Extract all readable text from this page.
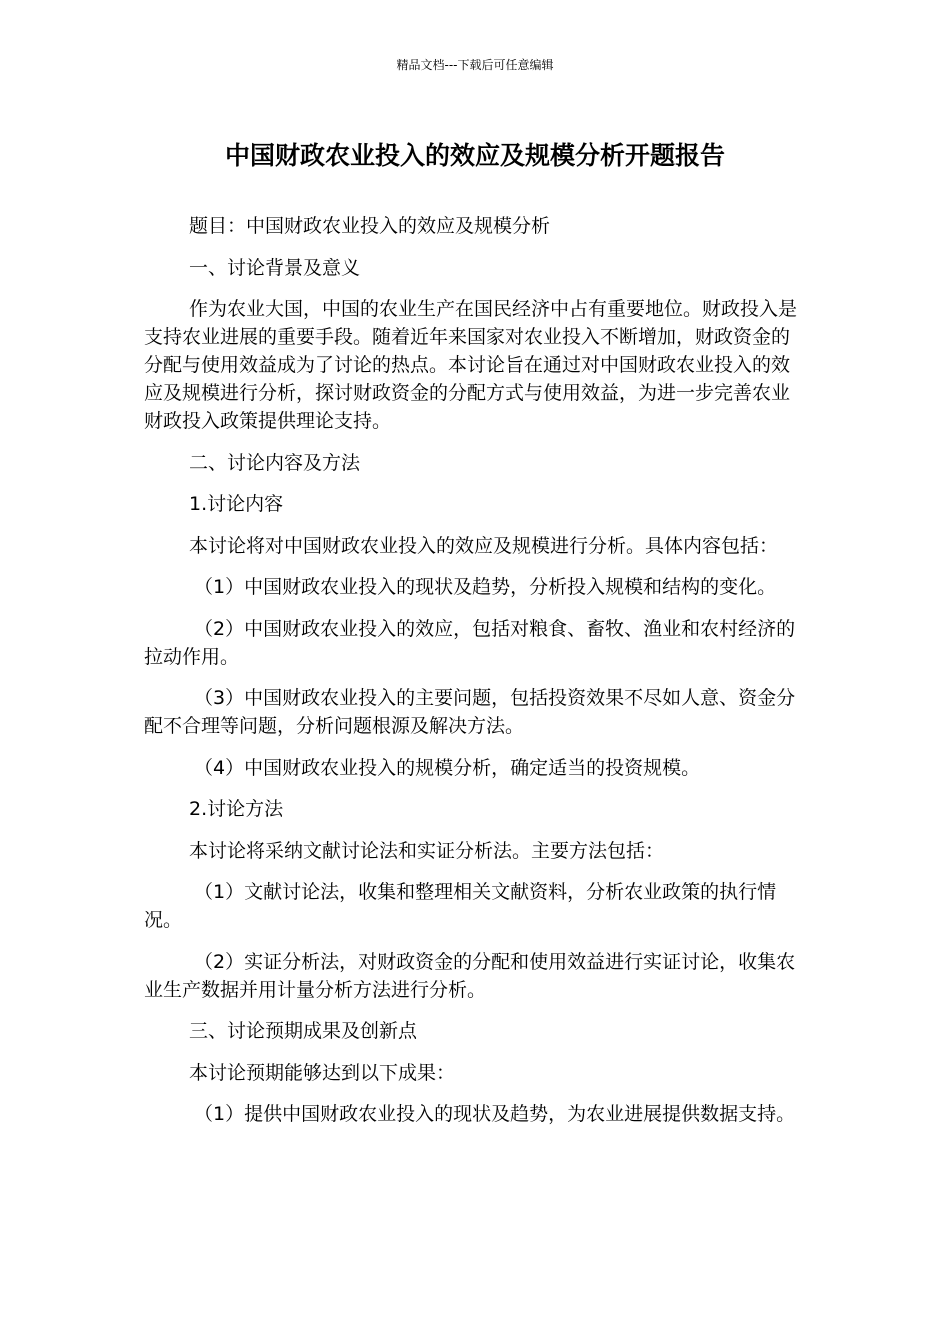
精品文档---下载后可任意编辑
中国财政农业投入的效应及规模分析开题报告

题目：中国财政农业投入的效应及规模分析

一、讨论背景及意义

作为农业大国，中国的农业生产在国民经济中占有重要地位。财政投入是支持农业进展的重要手段。随着近年来国家对农业投入不断增加，财政资金的分配与使用效益成为了讨论的热点。本讨论旨在通过对中国财政农业投入的效应及规模进行分析，探讨财政资金的分配方式与使用效益，为进一步完善农业财政投入政策提供理论支持。

二、讨论内容及方法

1.讨论内容

本讨论将对中国财政农业投入的效应及规模进行分析。具体内容包括：

（1）中国财政农业投入的现状及趋势，分析投入规模和结构的变化。

（2）中国财政农业投入的效应，包括对粮食、畜牧、渔业和农村经济的拉动作用。

（3）中国财政农业投入的主要问题，包括投资效果不尽如人意、资金分配不合理等问题，分析问题根源及解决方法。

（4）中国财政农业投入的规模分析，确定适当的投资规模。

2.讨论方法

本讨论将采纳文献讨论法和实证分析法。主要方法包括：

（1）文献讨论法，收集和整理相关文献资料，分析农业政策的执行情况。

（2）实证分析法，对财政资金的分配和使用效益进行实证讨论，收集农业生产数据并用计量分析方法进行分析。

三、讨论预期成果及创新点

本讨论预期能够达到以下成果：

（1）提供中国财政农业投入的现状及趋势，为农业进展提供数据支持。
